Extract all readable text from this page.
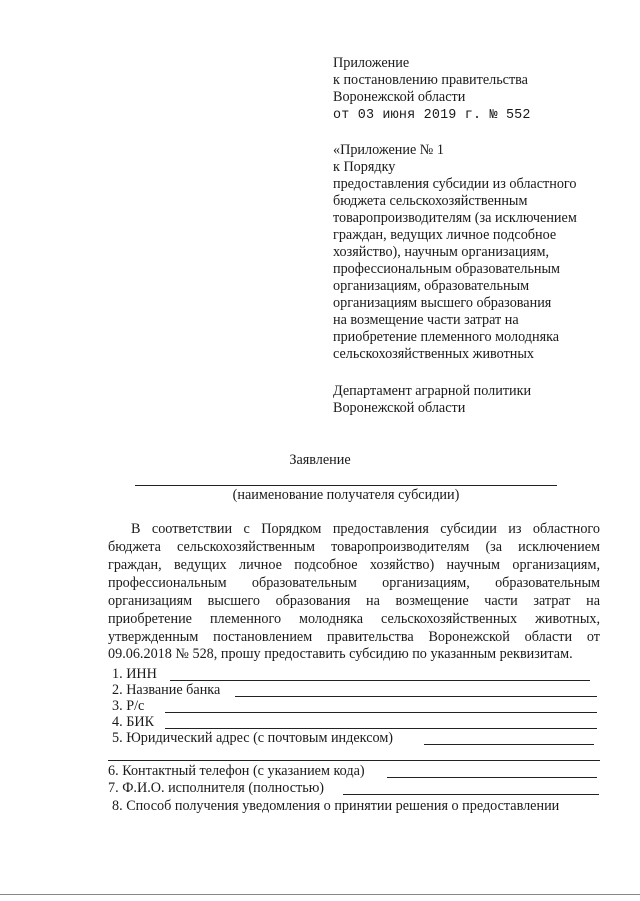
Приложение
к постановлению правительства
Воронежской области
от 03 июня 2019 г. № 552
«Приложение № 1
к Порядку
предоставления субсидии из областного
бюджета сельскохозяйственным
товаропроизводителям (за исключением
граждан, ведущих личное подсобное
хозяйство), научным организациям,
профессиональным образовательным
организациям, образовательным
организациям высшего образования
на возмещение части затрат на
приобретение племенного молодняка
сельскохозяйственных животных
Департамент аграрной политики
Воронежской области
Заявление
(наименование получателя субсидии)
В соответствии с Порядком предоставления субсидии из областного
бюджета сельскохозяйственным товаропроизводителям (за исключением
граждан, ведущих личное подсобное хозяйство) научным организациям,
профессиональным образовательным организациям, образовательным
организациям высшего образования на возмещение части затрат на
приобретение племенного молодняка сельскохозяйственных животных,
утвержденным постановлением правительства Воронежской области от
09.06.2018 № 528, прошу предоставить субсидию по указанным реквизитам.
1. ИНН
2. Название банка
3. Р/с
4. БИК
5. Юридический адрес (с почтовым индексом)
6. Контактный телефон (с указанием кода)
7. Ф.И.О. исполнителя (полностью)
8. Способ получения уведомления о принятии решения о предоставлении
